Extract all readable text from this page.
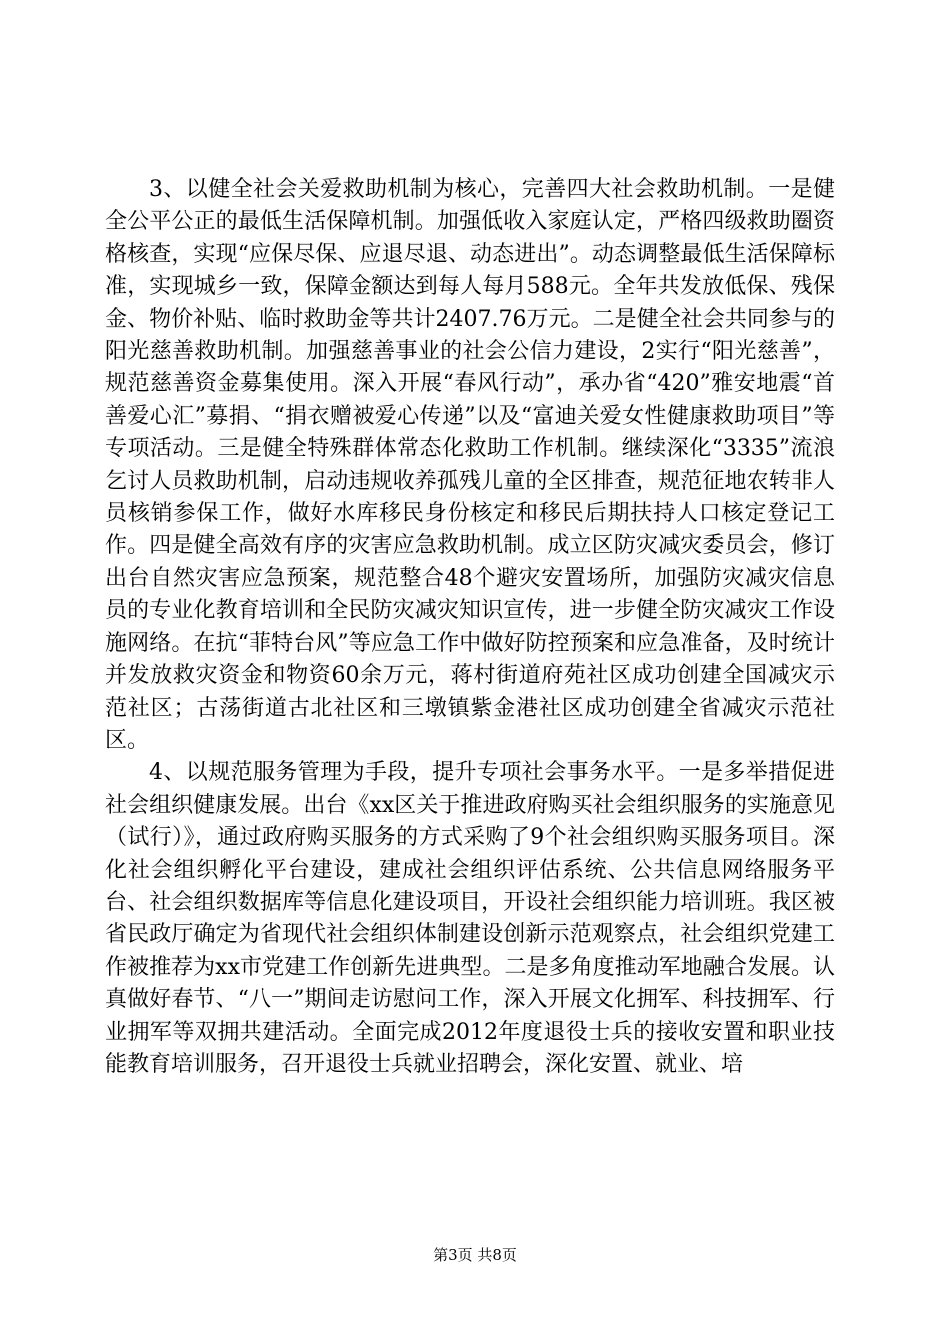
3、以健全社会关爱救助机制为核心，完善四大社会救助机制。一是健全公平公正的最低生活保障机制。加强低收入家庭认定，严格四级救助圈资格核查，实现“应保尽保、应退尽退、动态进出”。动态调整最低生活保障标准，实现城乡一致，保障金额达到每人每月588元。全年共发放低保、残保金、物价补贴、临时救助金等共计2407.76万元。二是健全社会共同参与的阳光慈善救助机制。加强慈善事业的社会公信力建设，2实行“阳光慈善”，规范慈善资金募集使用。深入开展“春风行动”，承办省“420”雅安地震“首善爱心汇”募捐、“捐衣赠被爱心传递”以及“富迪关爱女性健康救助项目”等专项活动。三是健全特殊群体常态化救助工作机制。继续深化“3335”流浪乞讨人员救助机制，启动违规收养孤残儿童的全区排查，规范征地农转非人员核销参保工作，做好水库移民身份核定和移民后期扶持人口核定登记工作。四是健全高效有序的灾害应急救助机制。成立区防灾减灾委员会，修订出台自然灾害应急预案，规范整合48个避灾安置场所，加强防灾减灾信息员的专业化教育培训和全民防灾减灾知识宣传，进一步健全防灾减灾工作设施网络。在抗“菲特台风”等应急工作中做好防控预案和应急准备，及时统计并发放救灾资金和物资60余万元，蒋村街道府苑社区成功创建全国减灾示范社区；古荡街道古北社区和三墩镇紫金港社区成功创建全省减灾示范社区。

4、以规范服务管理为手段，提升专项社会事务水平。一是多举措促进社会组织健康发展。出台《xx区关于推进政府购买社会组织服务的实施意见（试行）》，通过政府购买服务的方式采购了9个社会组织购买服务项目。深化社会组织孵化平台建设，建成社会组织评估系统、公共信息网络服务平台、社会组织数据库等信息化建设项目，开设社会组织能力培训班。我区被省民政厅确定为省现代社会组织体制建设创新示范观察点，社会组织党建工作被推荐为xx市党建工作创新先进典型。二是多角度推动军地融合发展。认真做好春节、“八一”期间走访慰问工作，深入开展文化拥军、科技拥军、行业拥军等双拥共建活动。全面完成2012年度退役士兵的接收安置和职业技能教育培训服务，召开退役士兵就业招聘会，深化安置、就业、培

第3页 共8页
